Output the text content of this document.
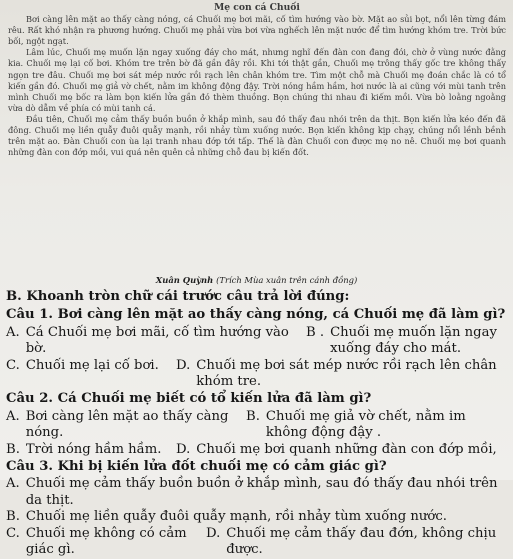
Mẹ con cá Chuối

Bơi càng lên mặt ao thấy càng nóng, cá Chuối mẹ bơi mãi, cố tìm hướng vào bờ. Mặt ao sủi bọt, nổi lên từng đám rêu. Rất khó nhận ra phương hướng. Chuối mẹ phải vừa bơi vừa nghếch lên mặt nước để tìm hướng khóm tre. Trời bức bối, ngột ngạt.

Lâm lúc, Chuối mẹ muốn lặn ngay xuống đáy cho mát, nhưng nghĩ đến đàn con đang đói, chờ ở vùng nước đằng kia. Chuối mẹ lại cố bơi. Khóm tre trên bờ đã gần đây rồi. Khi tới thật gần, Chuối mẹ trông thấy gốc tre không thấy ngọn tre đâu. Chuối mẹ bơi sát mép nước rồi rạch lên chân khóm tre. Tìm một chỗ mà Chuối mẹ đoán chắc là có tổ kiến gần đó. Chuối mẹ giả vờ chết, nằm im không động đậy. Trời nóng hầm hầm, hơi nước là ai cũng với mùi tanh trên mình Chuối mẹ bốc ra làm bọn kiến lửa gần đó thèm thuồng. Bọn chúng thi nhau đi kiếm mồi. Vừa bò loằng ngoằng vừa dò dẫm về phía có mùi tanh cá.

Đầu tiên, Chuối mẹ cảm thấy buồn buồn ở khắp mình, sau đó thấy đau nhói trên da thịt. Bọn kiến lửa kéo đến đã đông. Chuối mẹ liền quẫy đuôi quẫy mạnh, rồi nhảy tùm xuống nước. Bọn kiến không kịp chạy, chúng nổi lềnh bềnh trên mặt ao. Đàn Chuối con ùa lại tranh nhau đớp tới tấp. Thế là đàn Chuối con được mẹ no nê. Chuối mẹ bơi quanh những đàn con đớp mồi, vui quá nên quên cả những chỗ đau bị kiến đốt.

Xuân Quỳnh (Trích Mùa xuân trên cánh đồng)
B. Khoanh tròn chữ cái trước câu trả lời đúng:
Câu 1. Bơi càng lên mặt ao thấy càng nóng, cá Chuối mẹ đã làm gì?
A. Cá Chuối mẹ bơi mãi, cố tìm hướng vào bờ.
B . Chuối mẹ muốn lặn ngay xuống đáy cho mát.
C. Chuối mẹ lại cố bơi.	D. Chuối mẹ bơi sát mép nước rồi rạch lên chân khóm tre.
Câu 2. Cá Chuối mẹ biết có tổ kiến lửa đã làm gì?
A. Bơi càng lên mặt ao thấy càng nóng.
B. Chuối mẹ giả vờ chết, nằm im không động đậy .
B. Trời nóng hầm hầm.	D. Chuối mẹ bơi quanh những đàn con đớp mồi,
Câu 3. Khi bị kiến lửa đốt chuối mẹ có cảm giác gì?
A. Chuối mẹ cảm thấy buồn buồn ở khắp mình, sau đó thấy đau nhói trên da thịt.
B. Chuối mẹ liền quẫy đuôi quẫy mạnh, rồi nhảy tùm xuống nước.
C. Chuối mẹ không có cảm giác gì.
D. Chuối mẹ cảm thấy đau đớn, không chịu được.
